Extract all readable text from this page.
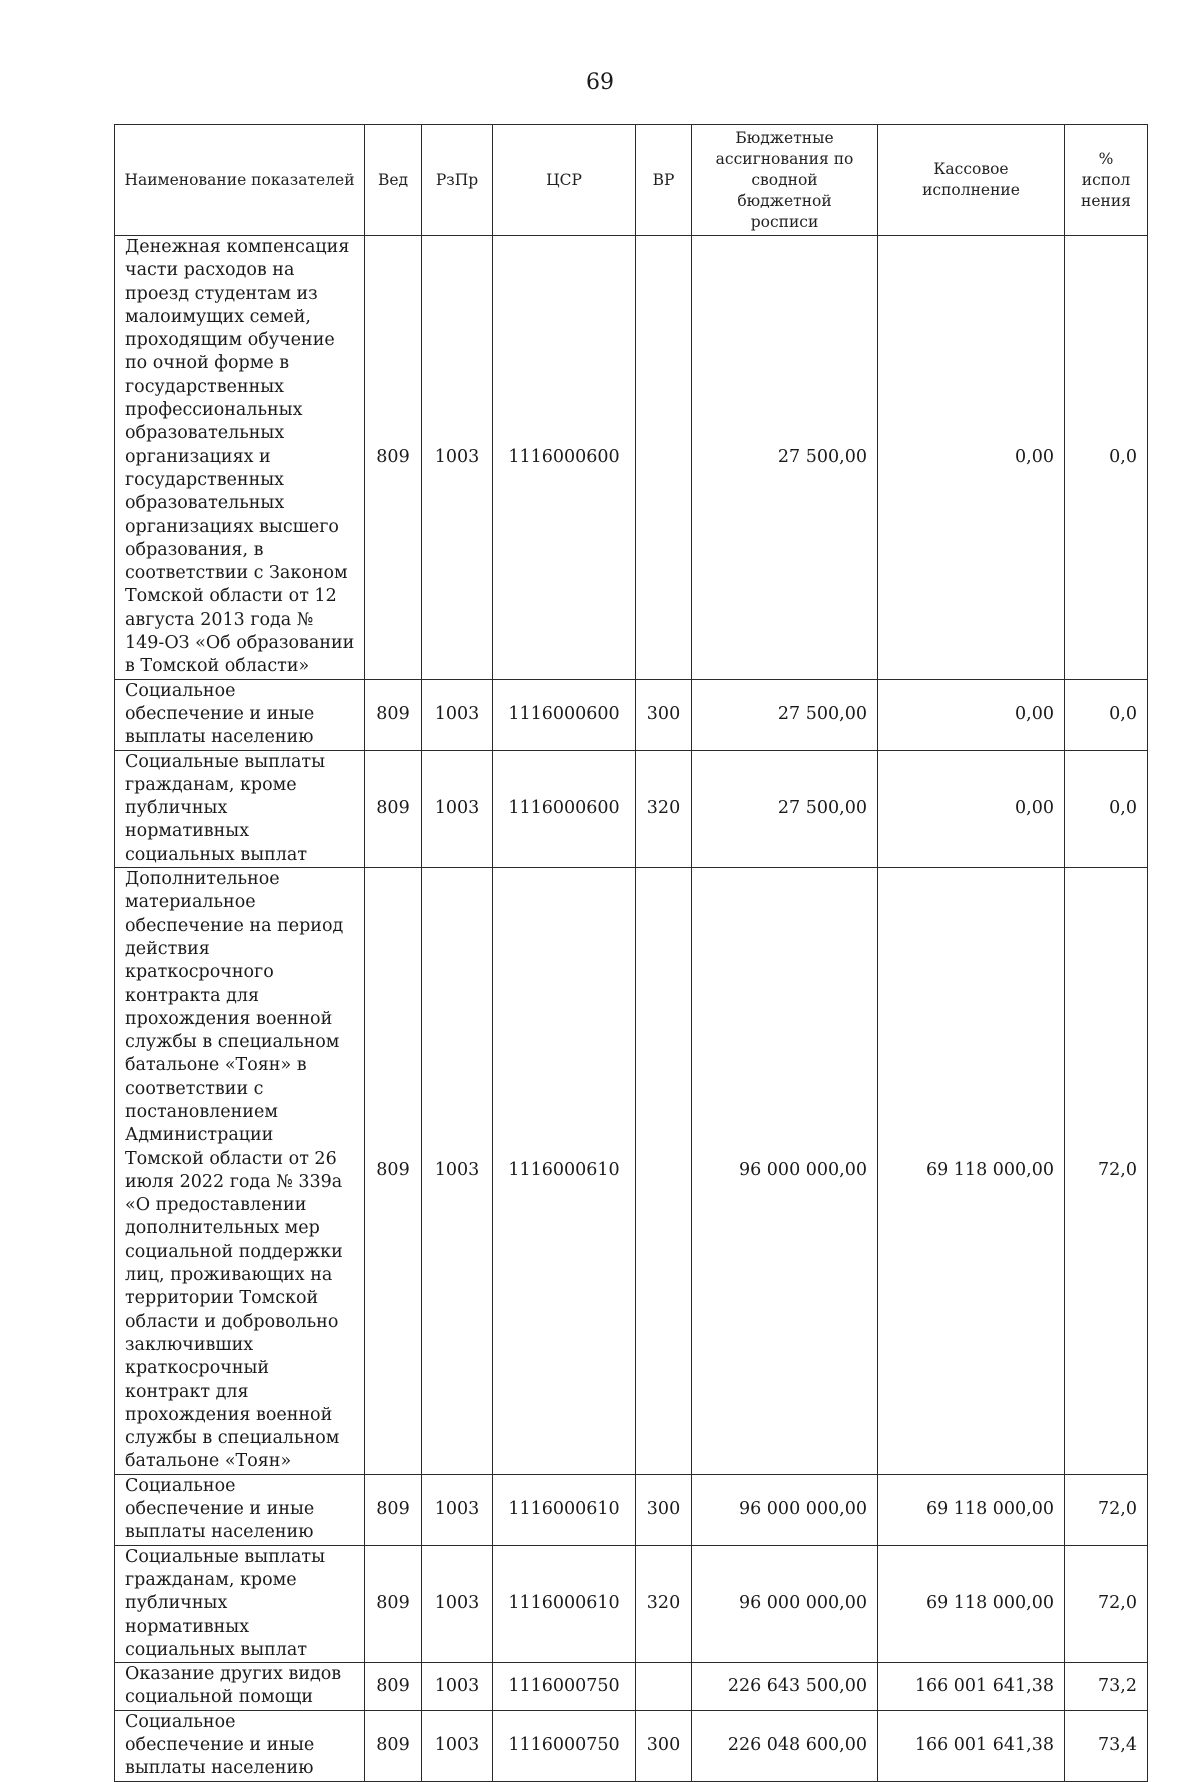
69
Наименование показателей	Вед	РзПр	ЦСР	ВР	Бюджетные ассигнования по сводной бюджетной росписи	Кассовое исполнение	% испол нения
Денежная компенсация части расходов на проезд студентам из малоимущих семей, проходящим обучение по очной форме в государственных профессиональных образовательных организациях и государственных образовательных организациях высшего образования, в соответствии с Законом Томской области от 12 августа 2013 года № 149-ОЗ «Об образовании в Томской области»	809	1003	1116000600		27 500,00	0,00	0,0
Социальное обеспечение и иные выплаты населению	809	1003	1116000600	300	27 500,00	0,00	0,0
Социальные выплаты гражданам, кроме публичных нормативных социальных выплат	809	1003	1116000600	320	27 500,00	0,00	0,0
Дополнительное материальное обеспечение на период действия краткосрочного контракта для прохождения военной службы в специальном батальоне «Тоян» в соответствии с постановлением Администрации Томской области от 26 июля 2022 года № 339а «О предоставлении дополнительных мер социальной поддержки лиц, проживающих на территории Томской области и добровольно заключивших краткосрочный контракт для прохождения военной службы в специальном батальоне «Тоян»	809	1003	1116000610		96 000 000,00	69 118 000,00	72,0
Социальное обеспечение и иные выплаты населению	809	1003	1116000610	300	96 000 000,00	69 118 000,00	72,0
Социальные выплаты гражданам, кроме публичных нормативных социальных выплат	809	1003	1116000610	320	96 000 000,00	69 118 000,00	72,0
Оказание других видов социальной помощи	809	1003	1116000750		226 643 500,00	166 001 641,38	73,2
Социальное обеспечение и иные выплаты населению	809	1003	1116000750	300	226 048 600,00	166 001 641,38	73,4
